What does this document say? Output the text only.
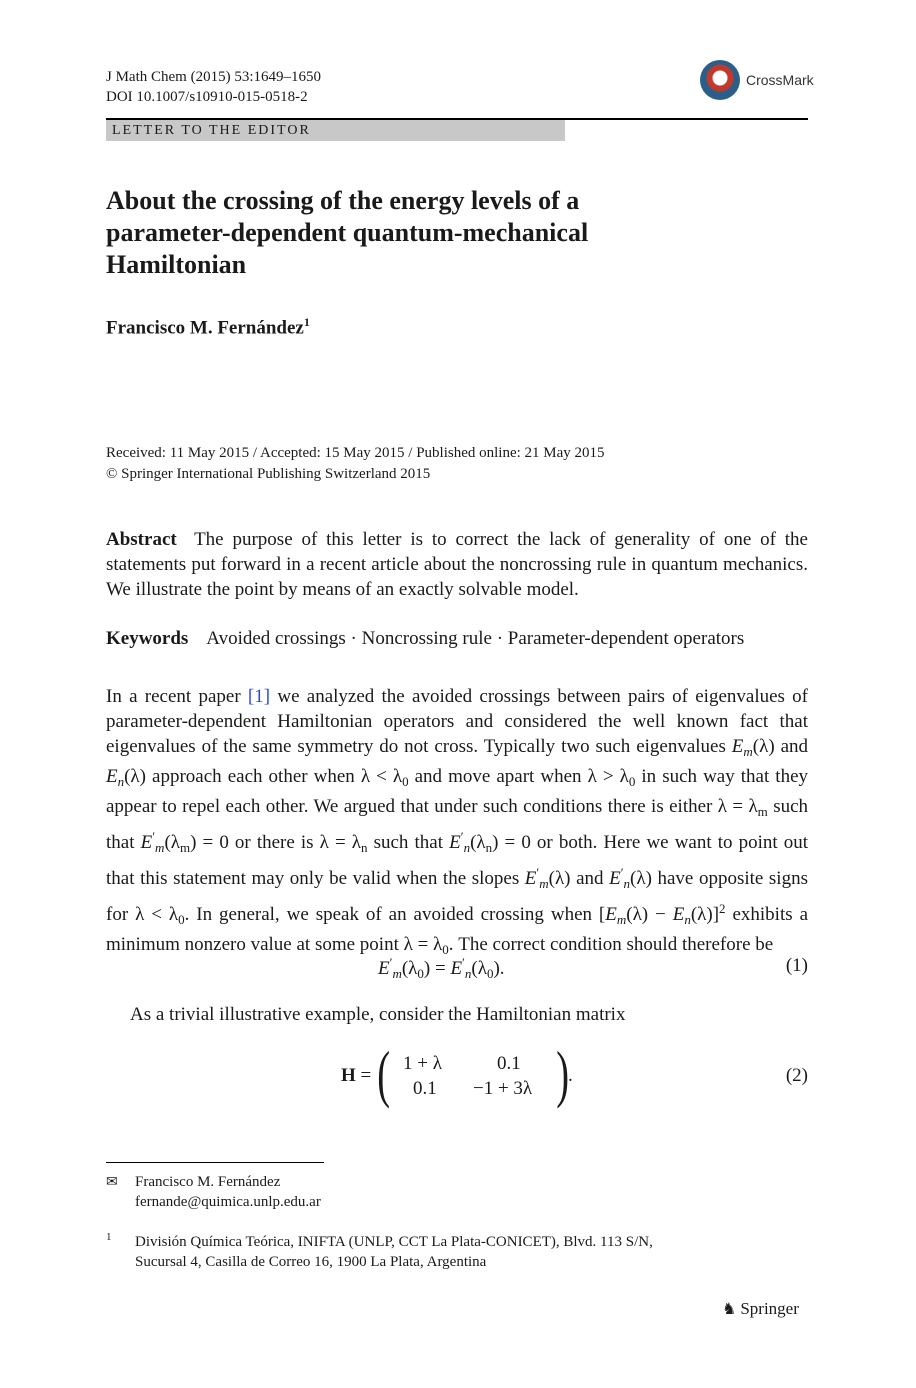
J Math Chem (2015) 53:1649–1650
DOI 10.1007/s10910-015-0518-2
CrossMark
LETTER TO THE EDITOR
About the crossing of the energy levels of a
parameter-dependent quantum-mechanical
Hamiltonian
Francisco M. Fernández$^1$
Received: 11 May 2015 / Accepted: 15 May 2015 / Published online: 21 May 2015
© Springer International Publishing Switzerland 2015
Abstract The purpose of this letter is to correct the lack of generality of one of the statements put forward in a recent article about the noncrossing rule in quantum mechanics. We illustrate the point by means of an exactly solvable model.
Keywords Avoided crossings · Noncrossing rule · Parameter-dependent operators
In a recent paper [1] we analyzed the avoided crossings between pairs of eigenvalues of parameter-dependent Hamiltonian operators and considered the well known fact that eigenvalues of the same symmetry do not cross. Typically two such eigenvalues $E_m(\lambda)$ and $E_n(\lambda)$ approach each other when $\lambda < \lambda_0$ and move apart when $\lambda > \lambda_0$ in such way that they appear to repel each other. We argued that under such conditions there is either $\lambda = \lambda_m$ such that $E'_m(\lambda_m) = 0$ or there is $\lambda = \lambda_n$ such that $E'_n(\lambda_n) = 0$ or both. Here we want to point out that this statement may only be valid when the slopes $E'_m(\lambda)$ and $E'_n(\lambda)$ have opposite signs for $\lambda < \lambda_0$. In general, we speak of an avoided crossing when $[E_m(\lambda) - E_n(\lambda)]^2$ exhibits a minimum nonzero value at some point $\lambda = \lambda_0$. The correct condition should therefore be
$E'_m(\lambda_0) = E'_n(\lambda_0)$.	(1)
As a trivial illustrative example, consider the Hamiltonian matrix
H = ( 1 + λ	0.1
0.1 −1 + 3λ ) .	(2)
✉ Francisco M. Fernández
fernande@quimica.unlp.edu.ar
1 División Química Teórica, INIFTA (UNLP, CCT La Plata-CONICET), Blvd. 113 S/N,
Sucursal 4, Casilla de Correo 16, 1900 La Plata, Argentina
♞ Springer
